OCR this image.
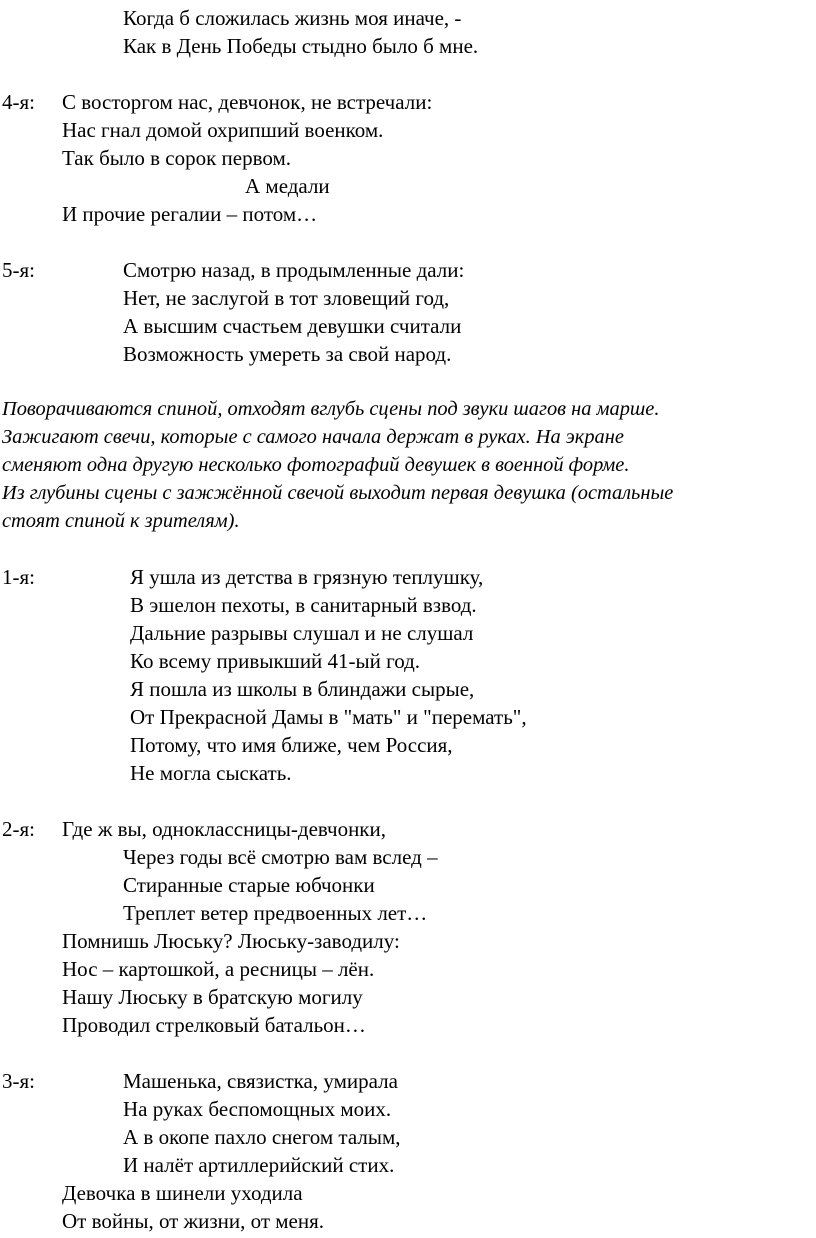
Когда б сложилась жизнь моя иначе, -
Как в День Победы стыдно было б мне.
4-я: С восторгом нас, девчонок, не встречали:
Нас гнал домой охрипший военком.
Так было в сорок первом.
А медали
И прочие регалии – потом…
5-я:	Смотрю назад, в продымленные дали:
Нет, не заслугой в тот зловещий год,
А высшим счастьем девушки считали
Возможность умереть за свой народ.
Поворачиваются спиной, отходят вглубь сцены под звуки шагов на марше.
Зажигают свечи, которые с самого начала держат в руках. На экране
сменяют одна другую несколько фотографий девушек в военной форме.
Из глубины сцены с зажжённой свечой выходит первая девушка (остальные
стоят спиной к зрителям).
1-я:	Я ушла из детства в грязную теплушку,
В эшелон пехоты, в санитарный взвод.
Дальние разрывы слушал и не слушал
Ко всему привыкший 41-ый год.
Я пошла из школы в блиндажи сырые,
От Прекрасной Дамы в "мать" и "перемать",
Потому, что имя ближе, чем Россия,
Не могла сыскать.
2-я: Где ж вы, одноклассницы-девчонки,
Через годы всё смотрю вам вслед –
Стиранные старые юбчонки
Треплет ветер предвоенных лет…
Помнишь Люську? Люську-заводилу:
Нос – картошкой, а ресницы – лён.
Нашу Люську в братскую могилу
Проводил стрелковый батальон…
3-я:	Машенька, связистка, умирала
На руках беспомощных моих.
А в окопе пахло снегом талым,
И налёт артиллерийский стих.
Девочка в шинели уходила
От войны, от жизни, от меня.
